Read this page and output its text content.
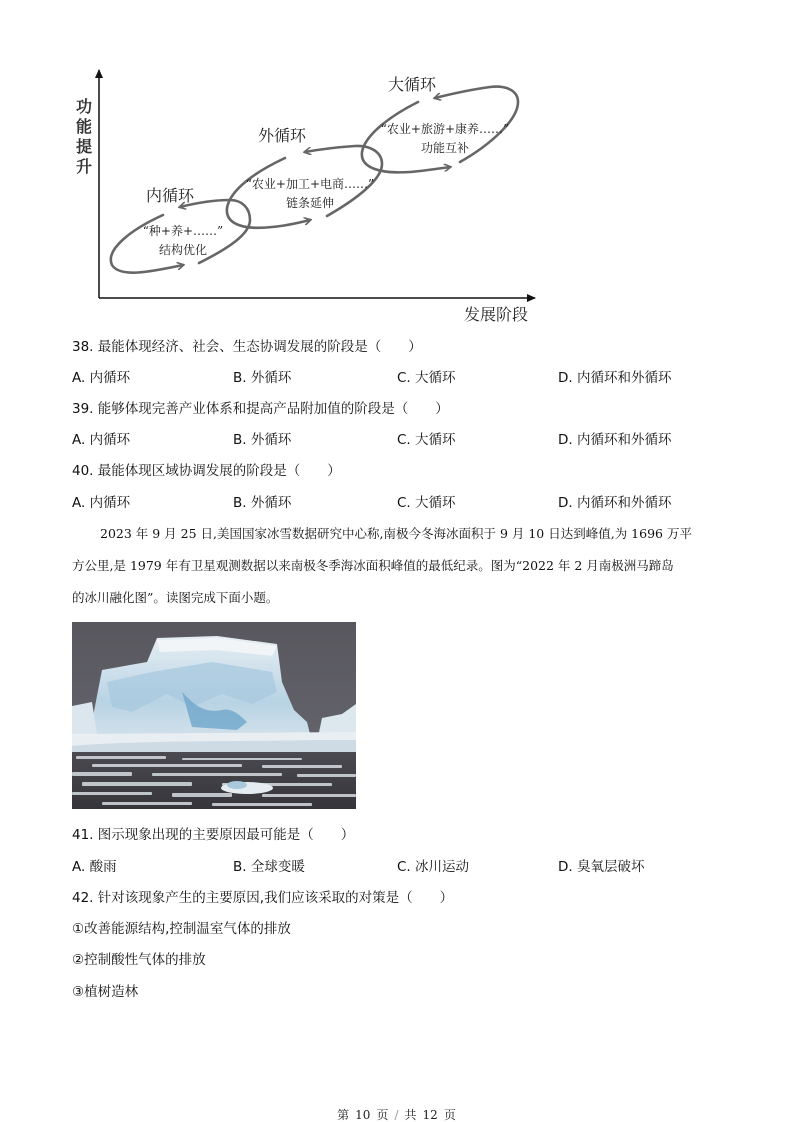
功
能
提
升
发展阶段
内循环
“种+养+……”
结构优化
外循环
“农业+加工+电商……”
链条延伸
大循环
“农业+旅游+康养……”
功能互补
38. 最能体现经济、社会、生态协调发展的阶段是（　　）
A. 内循环	B. 外循环	C. 大循环	D. 内循环和外循环
39. 能够体现完善产业体系和提高产品附加值的阶段是（　　）
A. 内循环	B. 外循环	C. 大循环	D. 内循环和外循环
40. 最能体现区域协调发展的阶段是（　　）
A. 内循环	B. 外循环	C. 大循环	D. 内循环和外循环
2023 年 9 月 25 日,美国国家冰雪数据研究中心称,南极今冬海冰面积于 9 月 10 日达到峰值,为 1696 万平
方公里,是 1979 年有卫星观测数据以来南极冬季海冰面积峰值的最低纪录。图为“2022 年 2 月南极洲马蹄岛
的冰川融化图”。读图完成下面小题。
41. 图示现象出现的主要原因最可能是（　　）
A. 酸雨	B. 全球变暖	C. 冰川运动	D. 臭氧层破坏
42. 针对该现象产生的主要原因,我们应该采取的对策是（　　）
①改善能源结构,控制温室气体的排放
②控制酸性气体的排放
③植树造林
第 10 页 / 共 12 页
